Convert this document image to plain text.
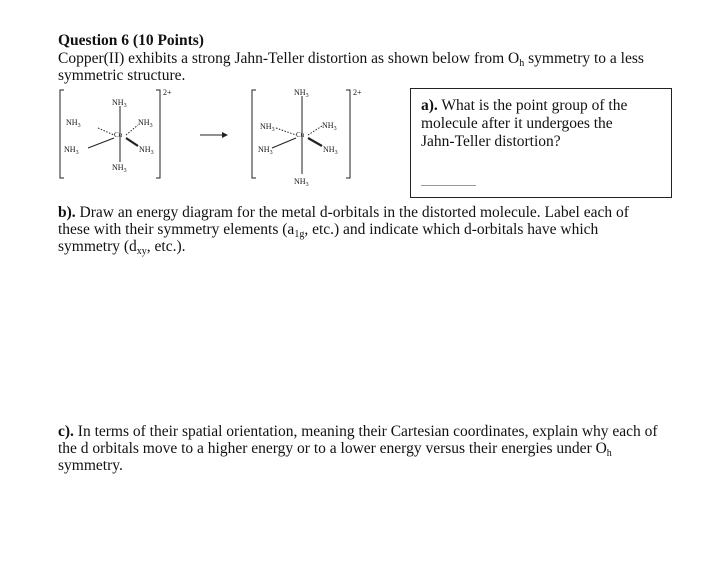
Question 6 (10 Points)
Copper(II) exhibits a strong Jahn-Teller distortion as shown below from $O_h$ symmetry to a less
symmetric structure.
2+	2+
$NH_3$
$NH_3$	$NH_3$
Cu
$NH_3$	$NH_3$
$NH_3$
$NH_3$
$NH_3$	$NH_3$
Cu
$NH_3$	$NH_3$
$NH_3$
a). What is the point group of the
molecule after it undergoes the
Jahn-Teller distortion?
b). Draw an energy diagram for the metal d-orbitals in the distorted molecule. Label each of
these with their symmetry elements ($a_{1g}$, etc.) and indicate which d-orbitals have which
symmetry ($d_{xy}$, etc.).
c). In terms of their spatial orientation, meaning their Cartesian coordinates, explain why each of
the d orbitals move to a higher energy or to a lower energy versus their energies under $O_h$
symmetry.
